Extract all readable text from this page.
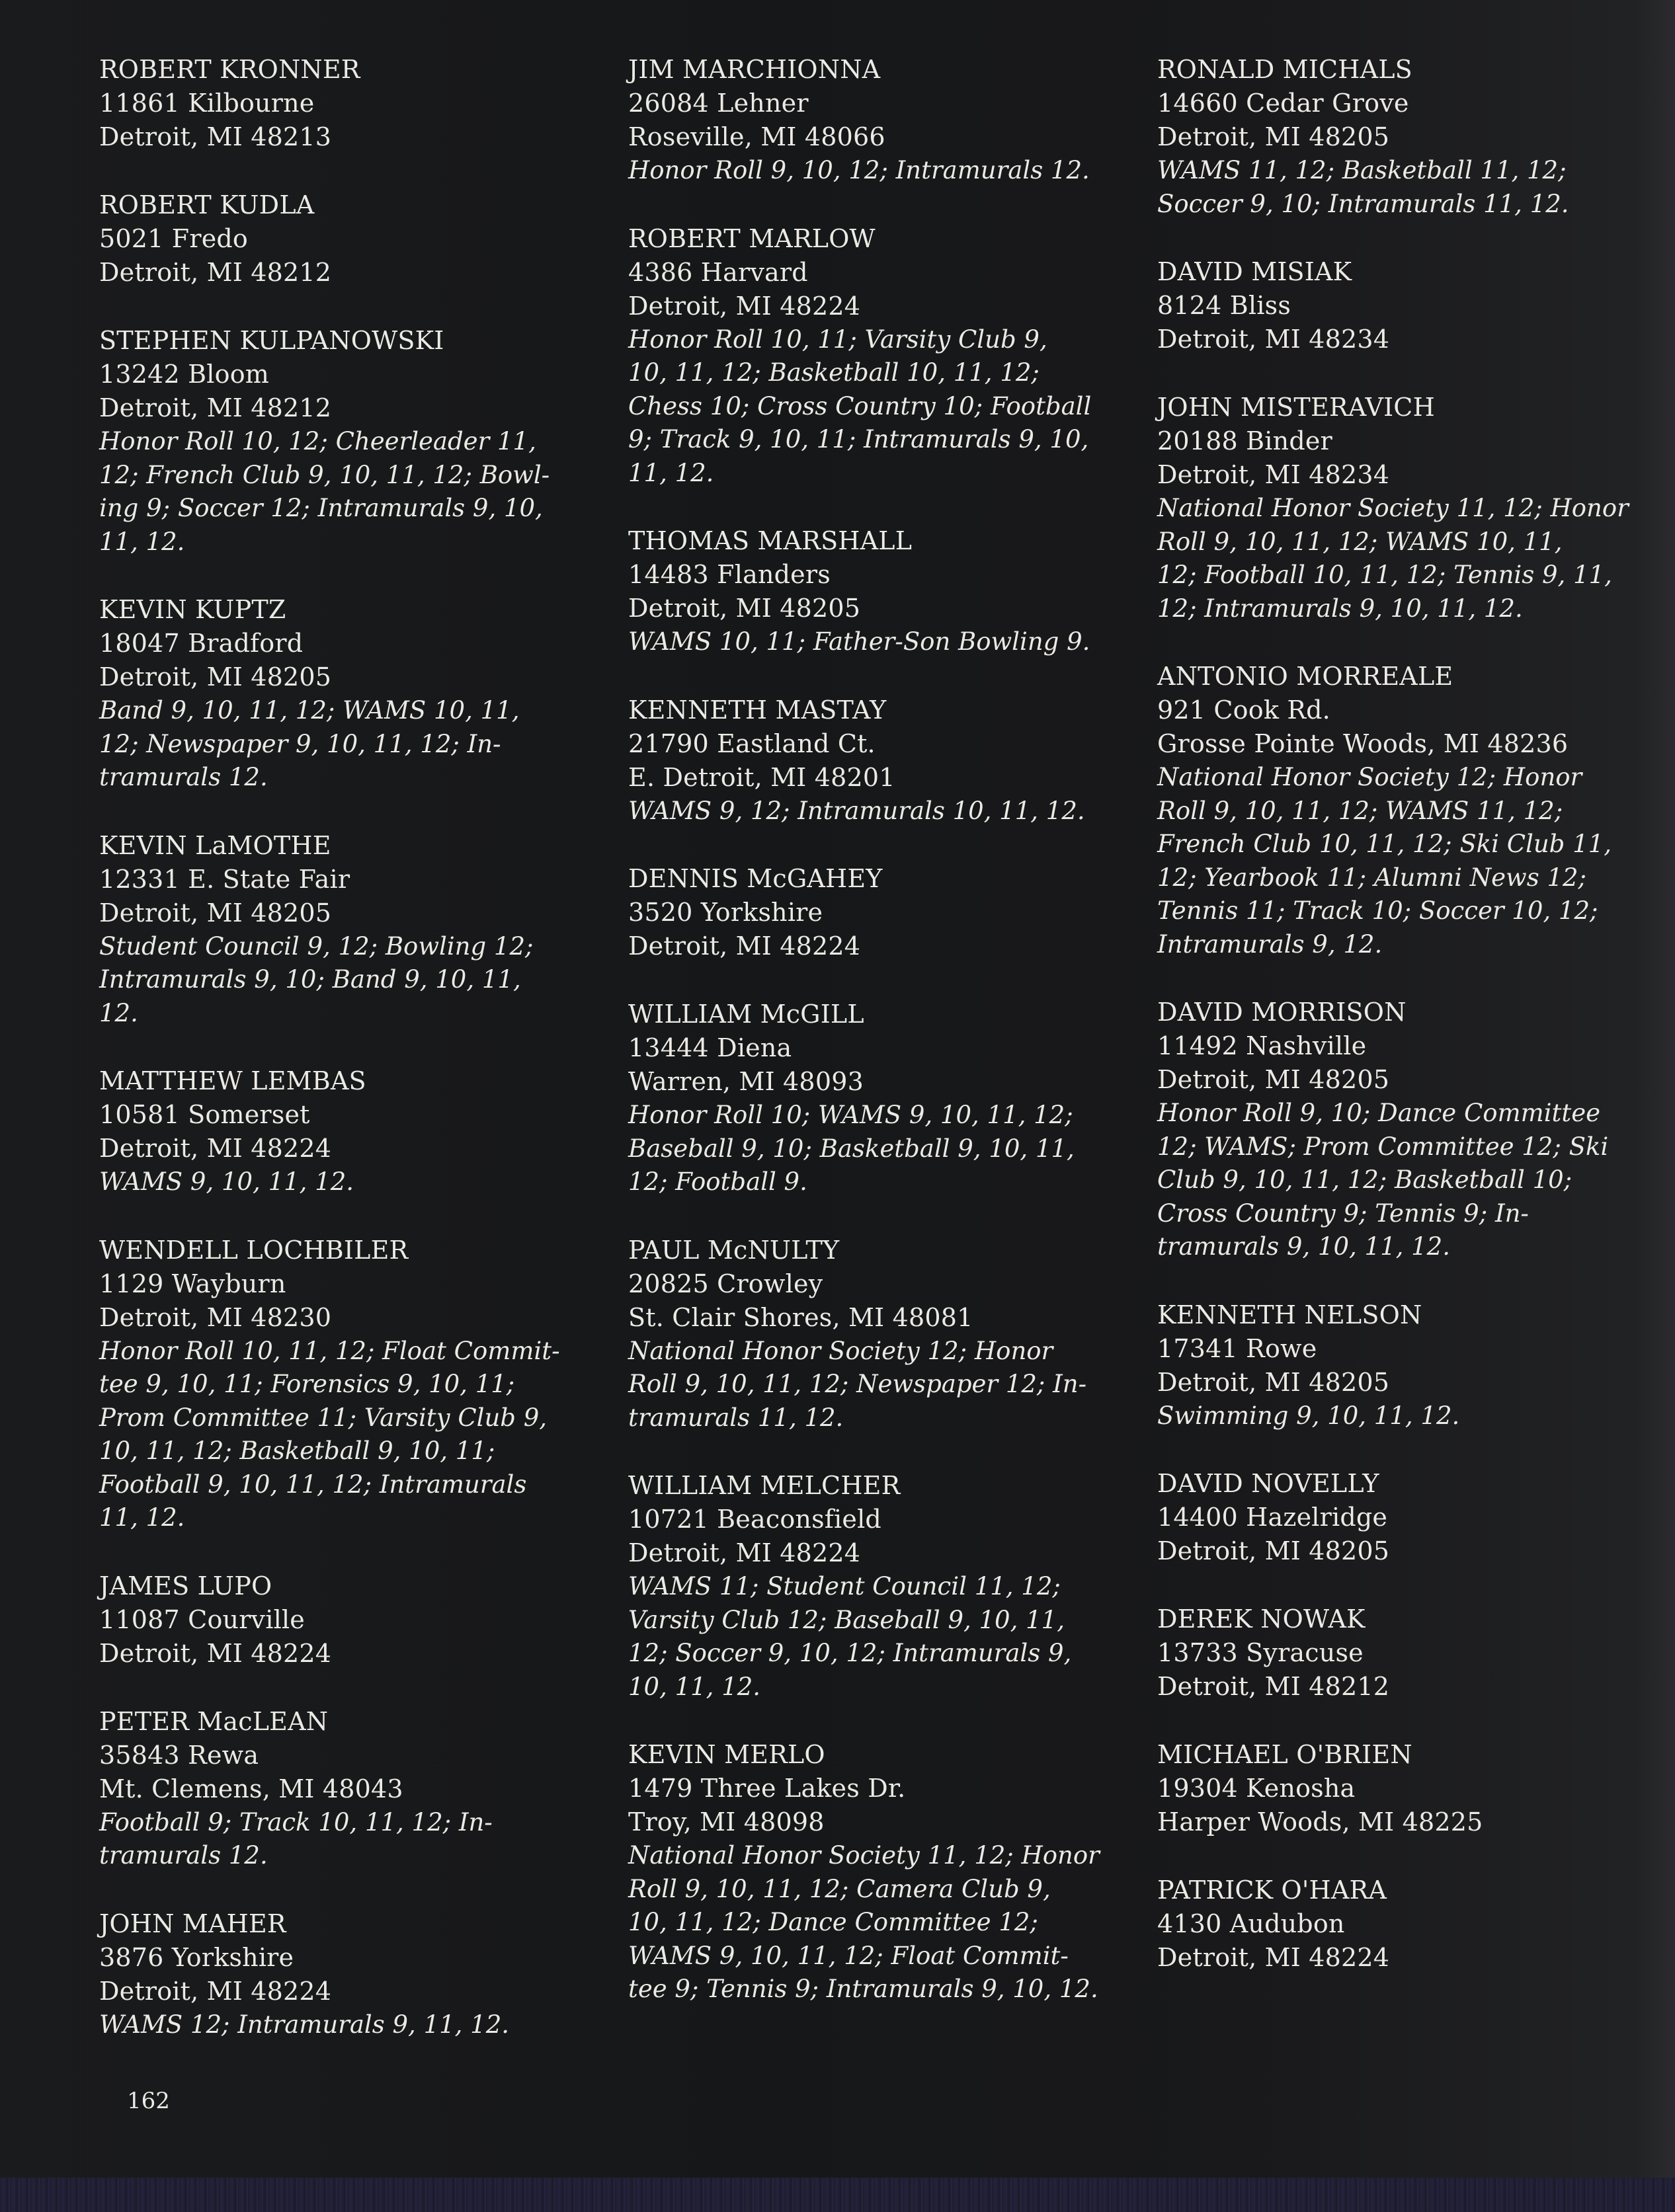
ROBERT KRONNER
11861 Kilbourne
Detroit, MI 48213
ROBERT KUDLA
5021 Fredo
Detroit, MI 48212
STEPHEN KULPANOWSKI
13242 Bloom
Detroit, MI 48212
Honor Roll 10, 12; Cheerleader 11,
12; French Club 9, 10, 11, 12; Bowl-
ing 9; Soccer 12; Intramurals 9, 10,
11, 12.
KEVIN KUPTZ
18047 Bradford
Detroit, MI 48205
Band 9, 10, 11, 12; WAMS 10, 11,
12; Newspaper 9, 10, 11, 12; In-
tramurals 12.
KEVIN LaMOTHE
12331 E. State Fair
Detroit, MI 48205
Student Council 9, 12; Bowling 12;
Intramurals 9, 10; Band 9, 10, 11,
12.
MATTHEW LEMBAS
10581 Somerset
Detroit, MI 48224
WAMS 9, 10, 11, 12.
WENDELL LOCHBILER
1129 Wayburn
Detroit, MI 48230
Honor Roll 10, 11, 12; Float Commit-
tee 9, 10, 11; Forensics 9, 10, 11;
Prom Committee 11; Varsity Club 9,
10, 11, 12; Basketball 9, 10, 11;
Football 9, 10, 11, 12; Intramurals
11, 12.
JAMES LUPO
11087 Courville
Detroit, MI 48224
PETER MacLEAN
35843 Rewa
Mt. Clemens, MI 48043
Football 9; Track 10, 11, 12; In-
tramurals 12.
JOHN MAHER
3876 Yorkshire
Detroit, MI 48224
WAMS 12; Intramurals 9, 11, 12.
JIM MARCHIONNA
26084 Lehner
Roseville, MI 48066
Honor Roll 9, 10, 12; Intramurals 12.
ROBERT MARLOW
4386 Harvard
Detroit, MI 48224
Honor Roll 10, 11; Varsity Club 9,
10, 11, 12; Basketball 10, 11, 12;
Chess 10; Cross Country 10; Football
9; Track 9, 10, 11; Intramurals 9, 10,
11, 12.
THOMAS MARSHALL
14483 Flanders
Detroit, MI 48205
WAMS 10, 11; Father-Son Bowling 9.
KENNETH MASTAY
21790 Eastland Ct.
E. Detroit, MI 48201
WAMS 9, 12; Intramurals 10, 11, 12.
DENNIS McGAHEY
3520 Yorkshire
Detroit, MI 48224
WILLIAM McGILL
13444 Diena
Warren, MI 48093
Honor Roll 10; WAMS 9, 10, 11, 12;
Baseball 9, 10; Basketball 9, 10, 11,
12; Football 9.
PAUL McNULTY
20825 Crowley
St. Clair Shores, MI 48081
National Honor Society 12; Honor
Roll 9, 10, 11, 12; Newspaper 12; In-
tramurals 11, 12.
WILLIAM MELCHER
10721 Beaconsfield
Detroit, MI 48224
WAMS 11; Student Council 11, 12;
Varsity Club 12; Baseball 9, 10, 11,
12; Soccer 9, 10, 12; Intramurals 9,
10, 11, 12.
KEVIN MERLO
1479 Three Lakes Dr.
Troy, MI 48098
National Honor Society 11, 12; Honor
Roll 9, 10, 11, 12; Camera Club 9,
10, 11, 12; Dance Committee 12;
WAMS 9, 10, 11, 12; Float Commit-
tee 9; Tennis 9; Intramurals 9, 10, 12.
RONALD MICHALS
14660 Cedar Grove
Detroit, MI 48205
WAMS 11, 12; Basketball 11, 12;
Soccer 9, 10; Intramurals 11, 12.
DAVID MISIAK
8124 Bliss
Detroit, MI 48234
JOHN MISTERAVICH
20188 Binder
Detroit, MI 48234
National Honor Society 11, 12; Honor
Roll 9, 10, 11, 12; WAMS 10, 11,
12; Football 10, 11, 12; Tennis 9, 11,
12; Intramurals 9, 10, 11, 12.
ANTONIO MORREALE
921 Cook Rd.
Grosse Pointe Woods, MI 48236
National Honor Society 12; Honor
Roll 9, 10, 11, 12; WAMS 11, 12;
French Club 10, 11, 12; Ski Club 11,
12; Yearbook 11; Alumni News 12;
Tennis 11; Track 10; Soccer 10, 12;
Intramurals 9, 12.
DAVID MORRISON
11492 Nashville
Detroit, MI 48205
Honor Roll 9, 10; Dance Committee
12; WAMS; Prom Committee 12; Ski
Club 9, 10, 11, 12; Basketball 10;
Cross Country 9; Tennis 9; In-
tramurals 9, 10, 11, 12.
KENNETH NELSON
17341 Rowe
Detroit, MI 48205
Swimming 9, 10, 11, 12.
DAVID NOVELLY
14400 Hazelridge
Detroit, MI 48205
DEREK NOWAK
13733 Syracuse
Detroit, MI 48212
MICHAEL O'BRIEN
19304 Kenosha
Harper Woods, MI 48225
PATRICK O'HARA
4130 Audubon
Detroit, MI 48224
162
